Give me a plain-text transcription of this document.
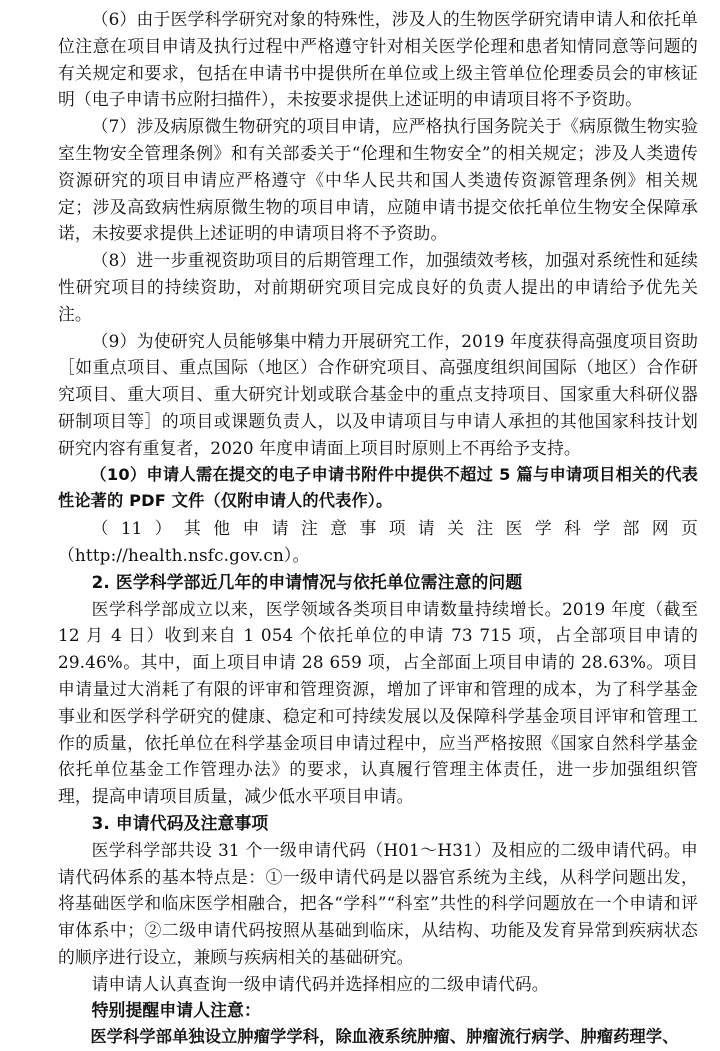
（6）由于医学科学研究对象的特殊性，涉及人的生物医学研究请申请人和依托单位注意在项目申请及执行过程中严格遵守针对相关医学伦理和患者知情同意等问题的有关规定和要求，包括在申请书中提供所在单位或上级主管单位伦理委员会的审核证明（电子申请书应附扫描件），未按要求提供上述证明的申请项目将不予资助。

（7）涉及病原微生物研究的项目申请，应严格执行国务院关于《病原微生物实验室生物安全管理条例》和有关部委关于“伦理和生物安全”的相关规定；涉及人类遗传资源研究的项目申请应严格遵守《中华人民共和国人类遗传资源管理条例》相关规定；涉及高致病性病原微生物的项目申请，应随申请书提交依托单位生物安全保障承诺，未按要求提供上述证明的申请项目将不予资助。

（8）进一步重视资助项目的后期管理工作，加强绩效考核，加强对系统性和延续性研究项目的持续资助，对前期研究项目完成良好的负责人提出的申请给予优先关注。

（9）为使研究人员能够集中精力开展研究工作，2019 年度获得高强度项目资助［如重点项目、重点国际（地区）合作研究项目、高强度组织间国际（地区）合作研究项目、重大项目、重大研究计划或联合基金中的重点支持项目、国家重大科研仪器研制项目等］的项目或课题负责人，以及申请项目与申请人承担的其他国家科技计划研究内容有重复者，2020 年度申请面上项目时原则上不再给予支持。

（10）申请人需在提交的电子申请书附件中提供不超过 5 篇与申请项目相关的代表性论著的 PDF 文件（仅附申请人的代表作）。

（11）其他申请注意事项请关注医学科学部网页（http://health.nsfc.gov.cn）。

2. 医学科学部近几年的申请情况与依托单位需注意的问题

医学科学部成立以来，医学领域各类项目申请数量持续增长。2019 年度（截至 12 月 4 日）收到来自 1 054 个依托单位的申请 73 715 项，占全部项目申请的 29.46%。其中，面上项目申请 28 659 项，占全部面上项目申请的 28.63%。项目申请量过大消耗了有限的评审和管理资源，增加了评审和管理的成本，为了科学基金事业和医学科学研究的健康、稳定和可持续发展以及保障科学基金项目评审和管理工作的质量，依托单位在科学基金项目申请过程中，应当严格按照《国家自然科学基金依托单位基金工作管理办法》的要求，认真履行管理主体责任，进一步加强组织管理，提高申请项目质量，减少低水平项目申请。

3. 申请代码及注意事项

医学科学部共设 31 个一级申请代码（H01～H31）及相应的二级申请代码。申请代码体系的基本特点是：①一级申请代码是以器官系统为主线，从科学问题出发，将基础医学和临床医学相融合，把各“学科”“科室”共性的科学问题放在一个申请和评审体系中；②二级申请代码按照从基础到临床，从结构、功能及发育异常到疾病状态的顺序进行设立，兼顾与疾病相关的基础研究。

请申请人认真查询一级申请代码并选择相应的二级申请代码。

特别提醒申请人注意：

医学科学部单独设立肿瘤学学科，除血液系统肿瘤、肿瘤流行病学、肿瘤药理学、
